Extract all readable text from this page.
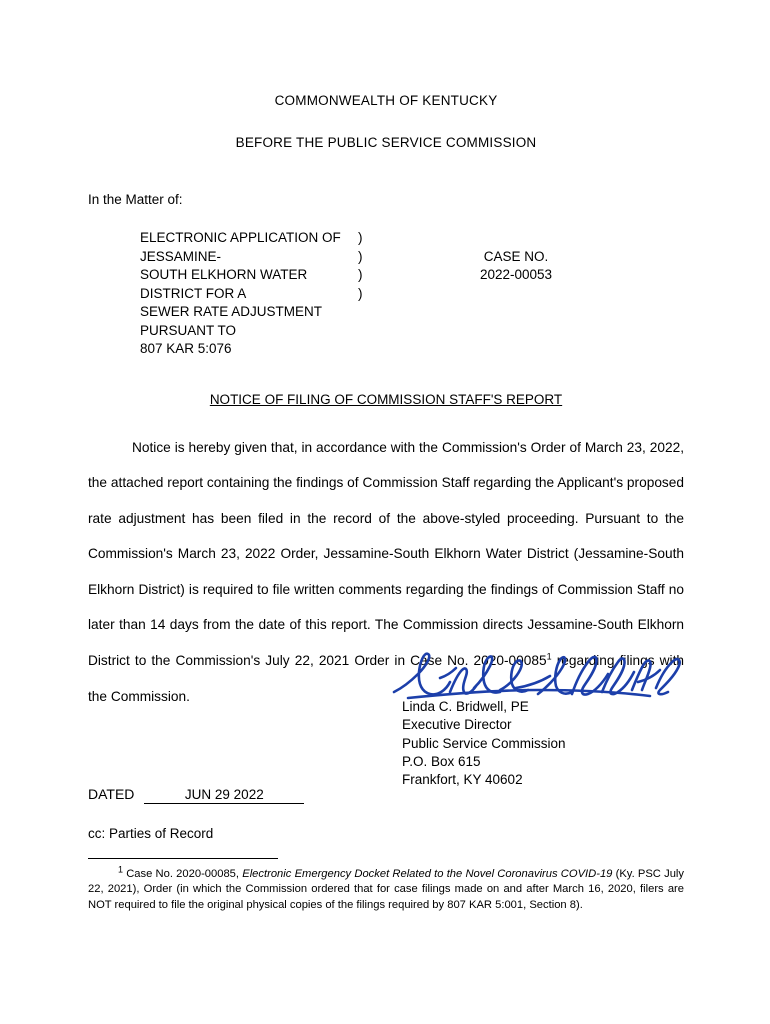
COMMONWEALTH OF KENTUCKY
BEFORE THE PUBLIC SERVICE COMMISSION
In the Matter of:
ELECTRONIC APPLICATION OF JESSAMINE-
SOUTH ELKHORN WATER DISTRICT FOR A
SEWER RATE ADJUSTMENT PURSUANT TO
807 KAR 5:076
)
)
)
)
CASE NO.
2022-00053
NOTICE OF FILING OF COMMISSION STAFF'S REPORT

Notice is hereby given that, in accordance with the Commission's Order of March 23, 2022, the attached report containing the findings of Commission Staff regarding the Applicant's proposed rate adjustment has been filed in the record of the above-styled proceeding. Pursuant to the Commission's March 23, 2022 Order, Jessamine-South Elkhorn Water District (Jessamine-South Elkhorn District) is required to file written comments regarding the findings of Commission Staff no later than 14 days from the date of this report. The Commission directs Jessamine-South Elkhorn District to the Commission's July 22, 2021 Order in Case No. 2020-00085$^1$ regarding filings with the Commission.

Linda C. Bridwell, PE
Executive Director
Public Service Commission
P.O. Box 615
Frankfort, KY 40602
DATED	JUN 29 2022
cc: Parties of Record
$^1$ Case No. 2020-00085, Electronic Emergency Docket Related to the Novel Coronavirus COVID-19 (Ky. PSC July 22, 2021), Order (in which the Commission ordered that for case filings made on and after March 16, 2020, filers are NOT required to file the original physical copies of the filings required by 807 KAR 5:001, Section 8).
